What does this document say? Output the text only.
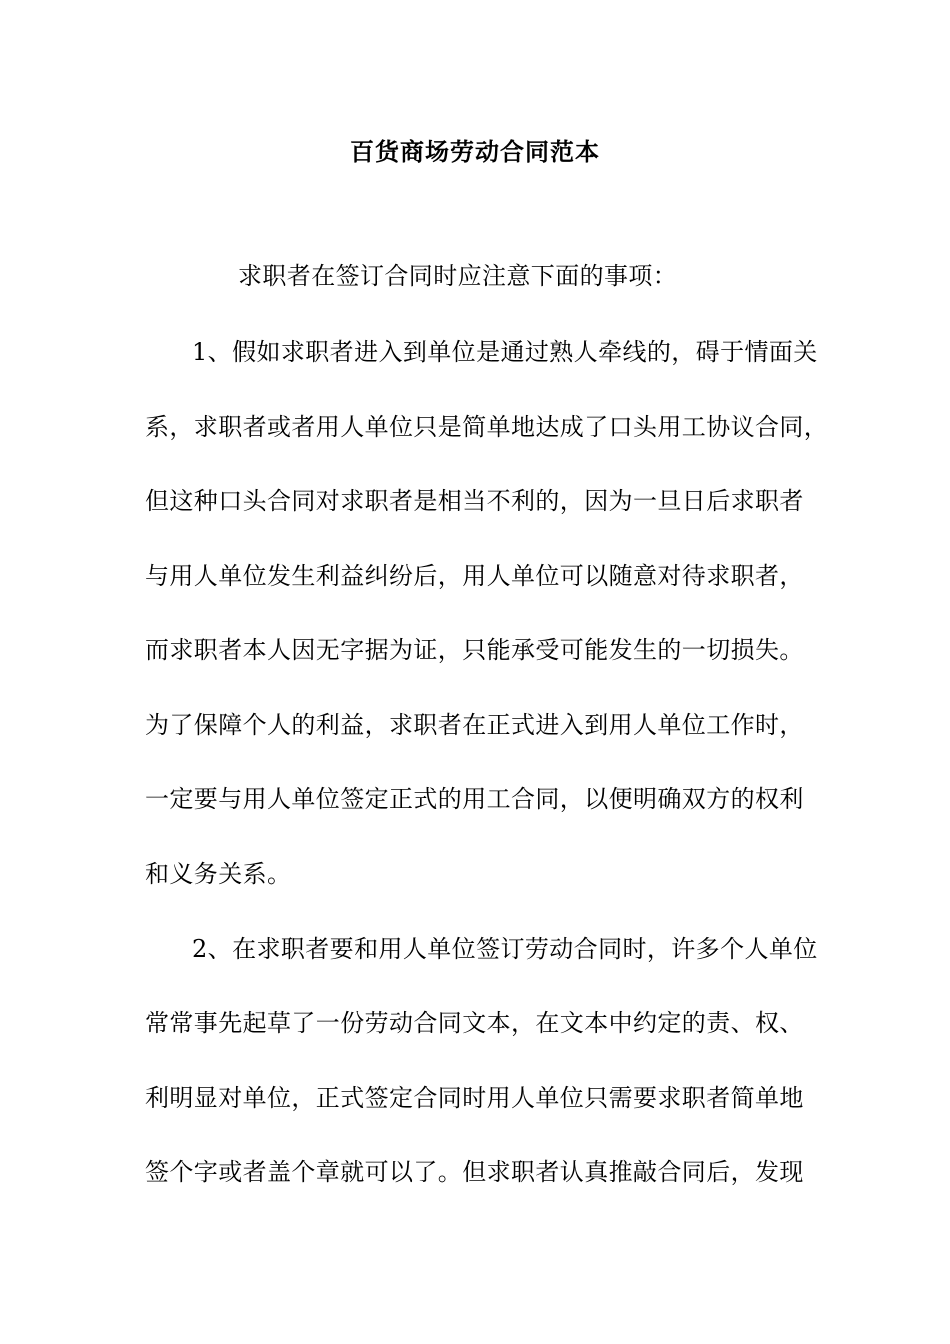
百货商场劳动合同范本
求职者在签订合同时应注意下面的事项：
1、假如求职者进入到单位是通过熟人牵线的，碍于情面关
系，求职者或者用人单位只是简单地达成了口头用工协议合同，
但这种口头合同对求职者是相当不利的，因为一旦日后求职者
与用人单位发生利益纠纷后，用人单位可以随意对待求职者，
而求职者本人因无字据为证，只能承受可能发生的一切损失。
为了保障个人的利益，求职者在正式进入到用人单位工作时，
一定要与用人单位签定正式的用工合同，以便明确双方的权利
和义务关系。
2、在求职者要和用人单位签订劳动合同时，许多个人单位
常常事先起草了一份劳动合同文本，在文本中约定的责、权、
利明显对单位，正式签定合同时用人单位只需要求职者简单地
签个字或者盖个章就可以了。但求职者认真推敲合同后，发现
